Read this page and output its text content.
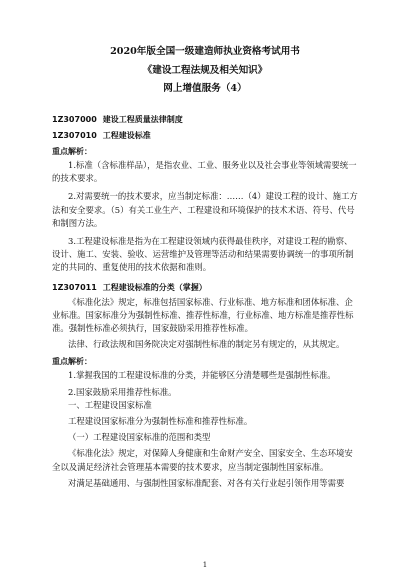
2020年版全国一级建造师执业资格考试用书
《建设工程法规及相关知识》
网上增值服务（4）
1Z307000 建设工程质量法律制度
1Z307010 工程建设标准
重点解析：

1.标准（含标准样品），是指农业、工业、服务业以及社会事业等领域需要统一的技术要求。

2.对需要统一的技术要求，应当制定标准：……（4）建设工程的设计、施工方法和安全要求。（5）有关工业生产、工程建设和环境保护的技术术语、符号、代号和制图方法。

3.工程建设标准是指为在工程建设领域内获得最佳秩序，对建设工程的勘察、设计、施工、安装、验收、运营维护及管理等活动和结果需要协调统一的事项所制定的共同的、重复使用的技术依据和准则。

1Z307011 工程建设标准的分类（掌握）

《标准化法》规定，标准包括国家标准、行业标准、地方标准和团体标准、企业标准。国家标准分为强制性标准、推荐性标准，行业标准、地方标准是推荐性标准。强制性标准必须执行，国家鼓励采用推荐性标准。

法律、行政法规和国务院决定对强制性标准的制定另有规定的，从其规定。

重点解析：

1.掌握我国的工程建设标准的分类，并能够区分清楚哪些是强制性标准。

2.国家鼓励采用推荐性标准。

一、工程建设国家标准

工程建设国家标准分为强制性标准和推荐性标准。

（一）工程建设国家标准的范围和类型

《标准化法》规定，对保障人身健康和生命财产安全、国家安全、生态环境安全以及满足经济社会管理基本需要的技术要求，应当制定强制性国家标准。

对满足基础通用、与强制性国家标准配套、对各有关行业起引领作用等需要

1
